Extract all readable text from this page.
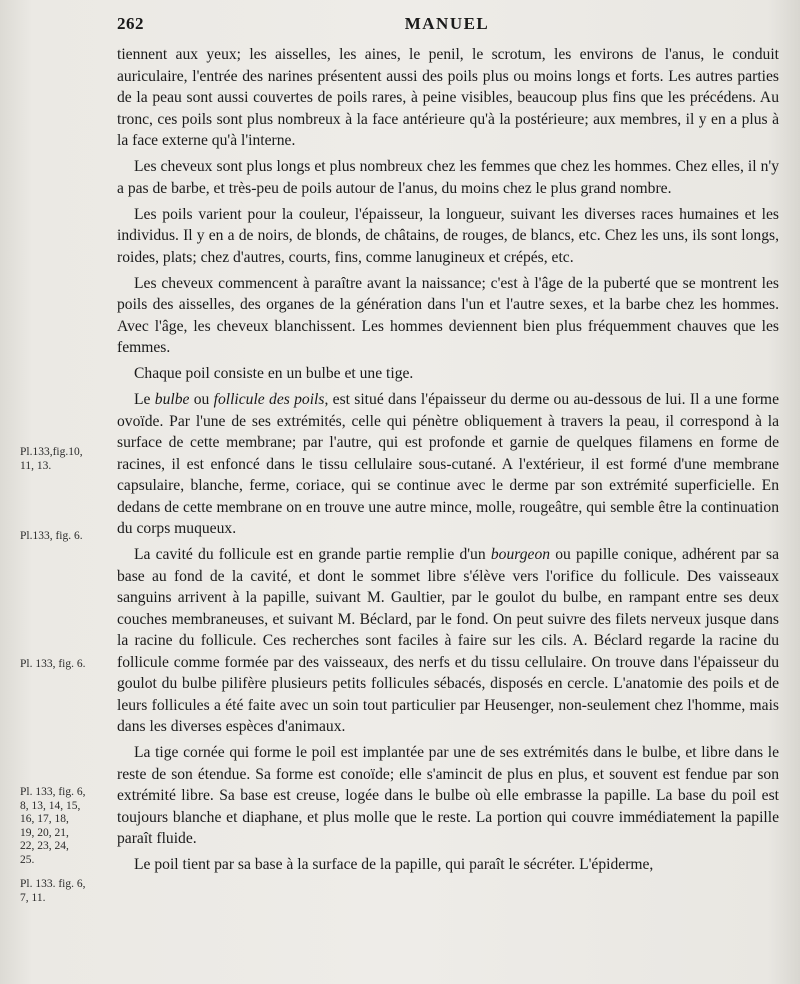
262	MANUEL

tiennent aux yeux; les aisselles, les aines, le penil, le scrotum, les environs de l'anus, le conduit auriculaire, l'entrée des narines présentent aussi des poils plus ou moins longs et forts. Les autres parties de la peau sont aussi couvertes de poils rares, à peine visibles, beaucoup plus fins que les précédens. Au tronc, ces poils sont plus nombreux à la face antérieure qu'à la postérieure; aux membres, il y en a plus à la face externe qu'à l'interne.

Les cheveux sont plus longs et plus nombreux chez les femmes que chez les hommes. Chez elles, il n'y a pas de barbe, et très-peu de poils autour de l'anus, du moins chez le plus grand nombre.

Les poils varient pour la couleur, l'épaisseur, la longueur, suivant les diverses races humaines et les individus. Il y en a de noirs, de blonds, de châtains, de rouges, de blancs, etc. Chez les uns, ils sont longs, roides, plats; chez d'autres, courts, fins, comme lanugineux et crépés, etc.

Les cheveux commencent à paraître avant la naissance; c'est à l'âge de la puberté que se montrent les poils des aisselles, des organes de la génération dans l'un et l'autre sexes, et la barbe chez les hommes. Avec l'âge, les cheveux blanchissent. Les hommes deviennent bien plus fréquemment chauves que les femmes.

Chaque poil consiste en un bulbe et une tige.

Le bulbe ou follicule des poils, est situé dans l'épaisseur du derme ou au-dessous de lui. Il a une forme ovoïde. Par l'une de ses extrémités, celle qui pénètre obliquement à travers la peau, il correspond à la surface de cette membrane; par l'autre, qui est profonde et garnie de quelques filamens en forme de racines, il est enfoncé dans le tissu cellulaire sous-cutané. A l'extérieur, il est formé d'une membrane capsulaire, blanche, ferme, coriace, qui se continue avec le derme par son extrémité superficielle. En dedans de cette membrane on en trouve une autre mince, molle, rougeâtre, qui semble être la continuation du corps muqueux.

La cavité du follicule est en grande partie remplie d'un bourgeon ou papille conique, adhérent par sa base au fond de la cavité, et dont le sommet libre s'élève vers l'orifice du follicule. Des vaisseaux sanguins arrivent à la papille, suivant M. Gaultier, par le goulot du bulbe, en rampant entre ses deux couches membraneuses, et suivant M. Béclard, par le fond. On peut suivre des filets nerveux jusque dans la racine du follicule. Ces recherches sont faciles à faire sur les cils. A. Béclard regarde la racine du follicule comme formée par des vaisseaux, des nerfs et du tissu cellulaire. On trouve dans l'épaisseur du goulot du bulbe pilifère plusieurs petits follicules sébacés, disposés en cercle. L'anatomie des poils et de leurs follicules a été faite avec un soin tout particulier par Heusenger, non-seulement chez l'homme, mais dans les diverses espèces d'animaux.

La tige cornée qui forme le poil est implantée par une de ses extrémités dans le bulbe, et libre dans le reste de son étendue. Sa forme est conoïde; elle s'amincit de plus en plus, et souvent est fendue par son extrémité libre. Sa base est creuse, logée dans le bulbe où elle embrasse la papille. La base du poil est toujours blanche et diaphane, et plus molle que le reste. La portion qui couvre immédiatement la papille paraît fluide.

Le poil tient par sa base à la surface de la papille, qui paraît le sécréter. L'épiderme,

Pl.133,fig.10,
11, 13.
Pl.133, fig. 6.
Pl. 133, fig. 6.
Pl. 133, fig. 6,
8, 13, 14, 15,
16, 17, 18,
19, 20, 21,
22, 23, 24,
25.
Pl. 133. fig. 6,
7, 11.
